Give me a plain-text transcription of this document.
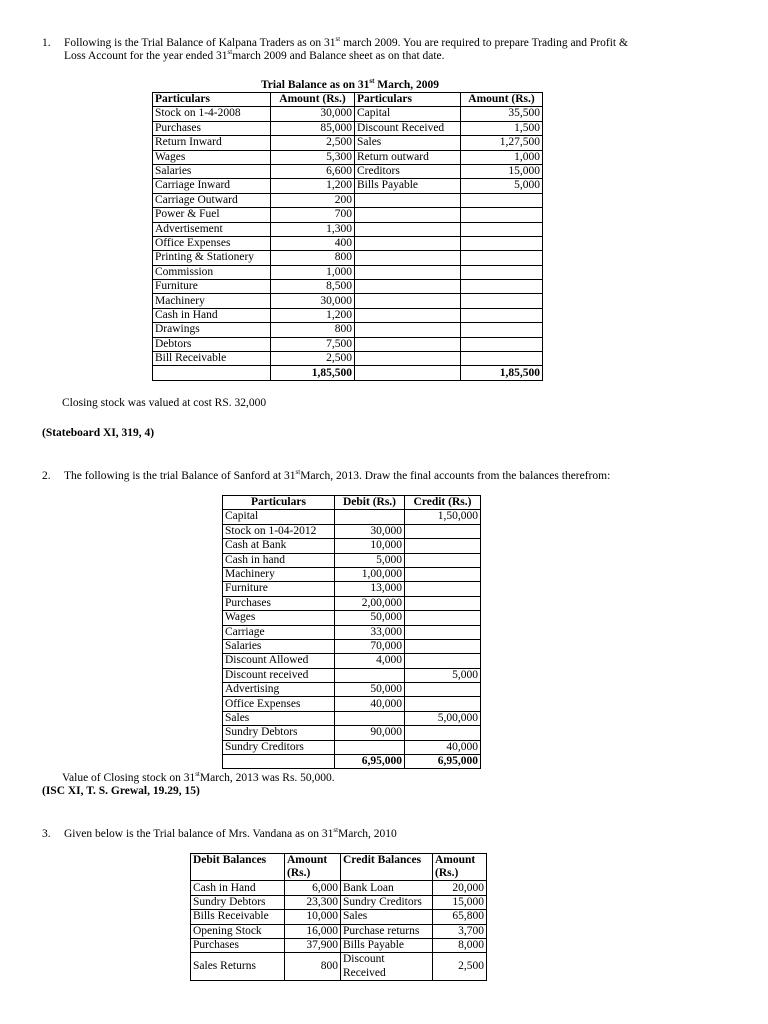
1. Following is the Trial Balance of Kalpana Traders as on 31st march 2009. You are required to prepare Trading and Profit &
Loss Account for the year ended 31stmarch 2009 and Balance sheet as on that date.

Trial Balance as on 31st March, 2009
Particulars	Amount (Rs.)	Particulars	Amount (Rs.)
Stock on 1-4-2008	30,000	Capital	35,500
Purchases	85,000	Discount Received	1,500
Return Inward	2,500	Sales	1,27,500
Wages	5,300	Return outward	1,000
Salaries	6,600	Creditors	15,000
Carriage Inward	1,200	Bills Payable	5,000
Carriage Outward	200		
Power & Fuel	700		
Advertisement	1,300		
Office Expenses	400		
Printing & Stationery	800		
Commission	1,000		
Furniture	8,500		
Machinery	30,000		
Cash in Hand	1,200		
Drawings	800		
Debtors	7,500		
Bill Receivable	2,500		
	1,85,500		1,85,500
Closing stock was valued at cost RS. 32,000
(Stateboard XI, 319, 4)

2. The following is the trial Balance of Sanford at 31stMarch, 2013. Draw the final accounts from the balances therefrom:

Particulars	Debit (Rs.)	Credit (Rs.)
Capital		1,50,000
Stock on 1-04-2012	30,000	
Cash at Bank	10,000	
Cash in hand	5,000	
Machinery	1,00,000	
Furniture	13,000	
Purchases	2,00,000	
Wages	50,000	
Carriage	33,000	
Salaries	70,000	
Discount Allowed	4,000	
Discount received		5,000
Advertising	50,000	
Office Expenses	40,000	
Sales		5,00,000
Sundry Debtors	90,000	
Sundry Creditors		40,000
	6,95,000	6,95,000
Value of Closing stock on 31stMarch, 2013 was Rs. 50,000.
(ISC XI, T. S. Grewal, 19.29, 15)

3. Given below is the Trial balance of Mrs. Vandana as on 31stMarch, 2010

Debit Balances	Amount (Rs.)	Credit Balances	Amount (Rs.)
Cash in Hand	6,000	Bank Loan	20,000
Sundry Debtors	23,300	Sundry Creditors	15,000
Bills Receivable	10,000	Sales	65,800
Opening Stock	16,000	Purchase returns	3,700
Purchases	37,900	Bills Payable	8,000
Sales Returns	800	Discount Received	2,500
